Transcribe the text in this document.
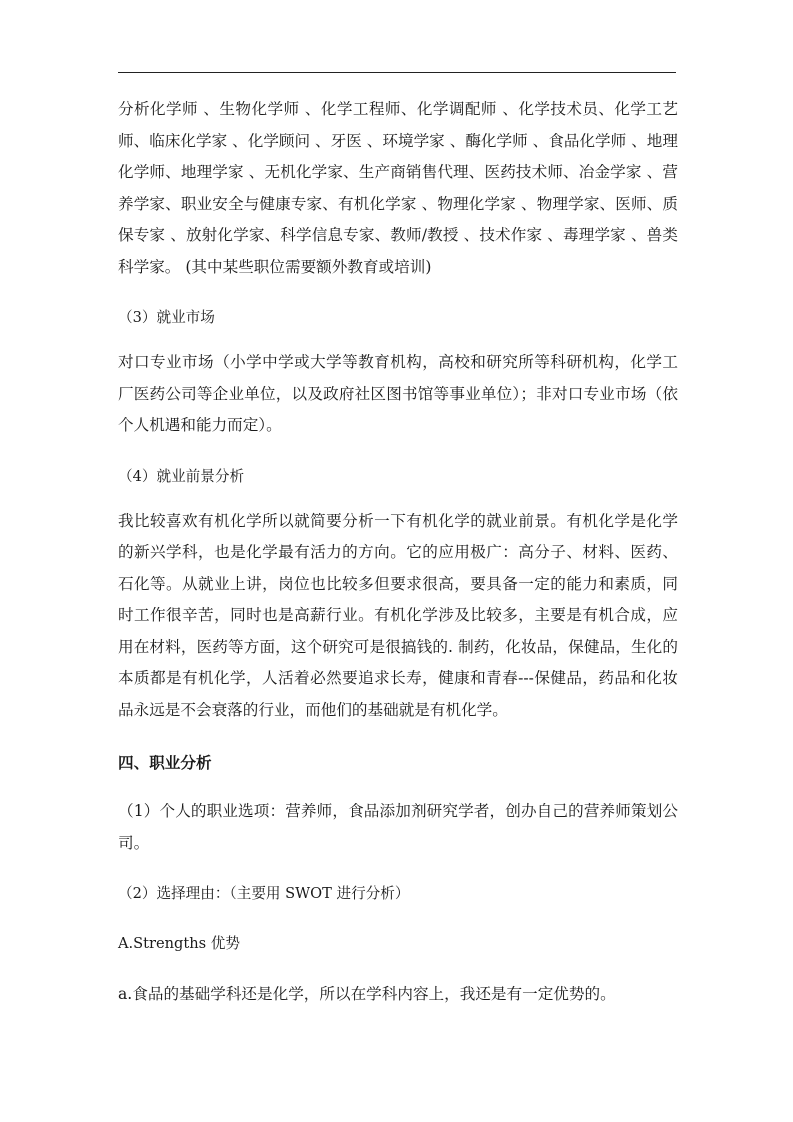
分析化学师 、生物化学师 、化学工程师、化学调配师 、化学技术员、化学工艺师、临床化学家 、化学顾问 、牙医 、环境学家 、酶化学师 、食品化学师 、地理化学师、地理学家 、无机化学家、生产商销售代理、医药技术师、冶金学家 、营养学家、职业安全与健康专家、有机化学家 、物理化学家 、物理学家、医师、质保专家 、放射化学家、科学信息专家、教师/教授 、技术作家 、毒理学家 、兽类科学家。 (其中某些职位需要额外教育或培训)

（3）就业市场

对口专业市场（小学中学或大学等教育机构，高校和研究所等科研机构，化学工厂医药公司等企业单位，以及政府社区图书馆等事业单位）；非对口专业市场（依个人机遇和能力而定）。

（4）就业前景分析

我比较喜欢有机化学所以就简要分析一下有机化学的就业前景。有机化学是化学的新兴学科，也是化学最有活力的方向。它的应用极广：高分子、材料、医药、石化等。从就业上讲，岗位也比较多但要求很高，要具备一定的能力和素质，同时工作很辛苦，同时也是高薪行业。有机化学涉及比较多，主要是有机合成，应用在材料，医药等方面，这个研究可是很搞钱的. 制药，化妆品，保健品，生化的本质都是有机化学，人活着必然要追求长寿，健康和青春---保健品，药品和化妆品永远是不会衰落的行业，而他们的基础就是有机化学。

四、职业分析

（1）个人的职业选项：营养师，食品添加剂研究学者，创办自己的营养师策划公司。

（2）选择理由：（主要用 SWOT 进行分析）

A.Strengths 优势

a.食品的基础学科还是化学，所以在学科内容上，我还是有一定优势的。
